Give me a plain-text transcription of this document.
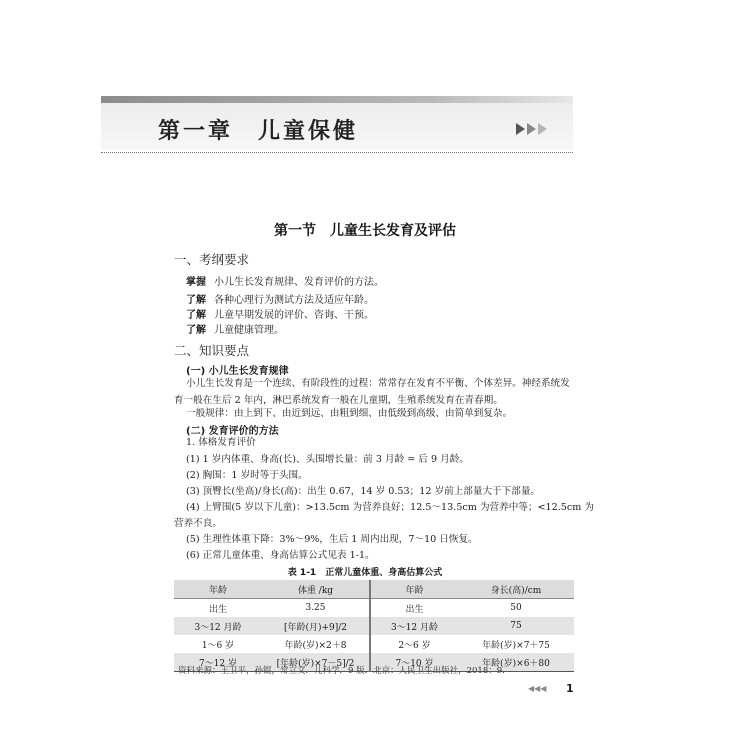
第一章　儿童保健
第一节　儿童生长发育及评估
一、考纲要求
掌握 小儿生长发育规律、发育评价的方法。
了解 各种心理行为测试方法及适应年龄。
了解 儿童早期发展的评价、咨询、干预。
了解 儿童健康管理。
二、知识要点
(一) 小儿生长发育规律
小儿生长发育是一个连续、有阶段性的过程：常常存在发育不平衡、个体差异。神经系统发
育一般在生后 2 年内，淋巴系统发育一般在儿童期，生殖系统发育在青春期。
一般规律：由上到下、由近到远、由粗到细、由低级到高级、由简单到复杂。
(二) 发育评价的方法
1. 体格发育评价
(1) 1 岁内体重、身高(长)、头围增长量：前 3 月龄 = 后 9 月龄。
(2) 胸围：1 岁时等于头围。
(3) 顶臀长(坐高)/身长(高)：出生 0.67，14 岁 0.53；12 岁前上部量大于下部量。
(4) 上臂围(5 岁以下儿童)：>13.5cm 为营养良好；12.5～13.5cm 为营养中等；<12.5cm 为
营养不良。
(5) 生理性体重下降：3%～9%，生后 1 周内出现，7～10 日恢复。
(6) 正常儿童体重、身高估算公式见表 1-1。
表 1-1　正常儿童体重、身高估算公式
年龄	体重 /kg	年龄	身长(高)/cm
出生	3.25	出生	50
3～12 月龄	[年龄(月)+9]/2	3～12 月龄	75
1～6 岁	年龄(岁)×2＋8	2～6 岁	年龄(岁)×7＋75
7～12 岁	[年龄(岁)×7－5]/2	7～10 岁	年龄(岁)×6＋80
资料来源：王卫平，孙锟，常立文．儿科学．9 版．北京：人民卫生出版社，2018：9.
◀◀◀ 1
